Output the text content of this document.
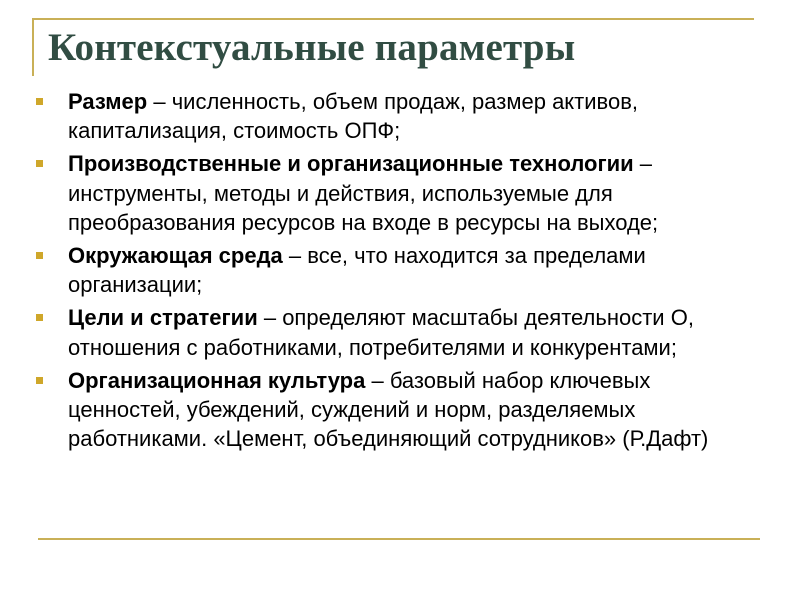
Контекстуальные параметры
Размер – численность, объем продаж, размер активов, капитализация, стоимость ОПФ;
Производственные и организационные технологии – инструменты, методы и действия, используемые для преобразования ресурсов на входе в ресурсы на выходе;
Окружающая среда – все, что находится за пределами организации;
Цели и стратегии – определяют масштабы деятельности О, отношения с работниками, потребителями и конкурентами;
Организационная культура – базовый набор ключевых ценностей, убеждений, суждений и норм, разделяемых работниками. «Цемент, объединяющий сотрудников» (Р.Дафт)
